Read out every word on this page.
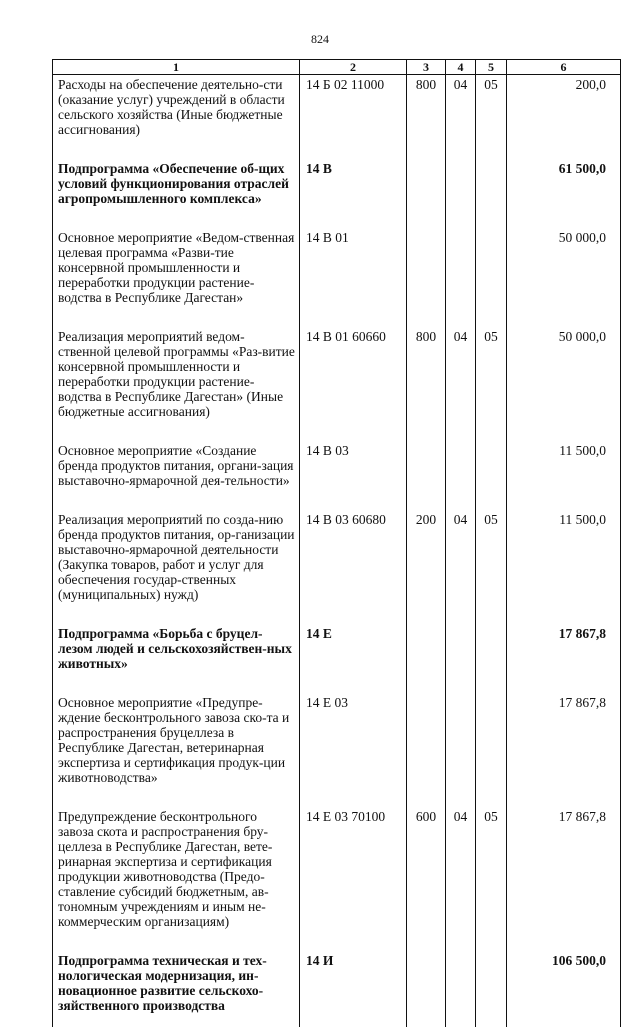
824
1	2	3	4	5	6
Расходы на обеспечение деятельно-сти (оказание услуг) учреждений в области сельского хозяйства (Иные бюджетные ассигнования)	14 Б 02 11000	800	04	05	200,0

Подпрограмма «Обеспечение об-щих условий функционирования отраслей агропромышленного комплекса»	14 В				61 500,0

Основное мероприятие «Ведом-ственная целевая программа «Разви-тие консервной промышленности и переработки продукции растение-водства в Республике Дагестан»	14 В 01				50 000,0

Реализация мероприятий ведом-ственной целевой программы «Раз-витие консервной промышленности и переработки продукции растение-водства в Республике Дагестан» (Иные бюджетные ассигнования)	14 В 01 60660	800	04	05	50 000,0

Основное мероприятие «Создание бренда продуктов питания, органи-зация выставочно-ярмарочной дея-тельности»	14 В 03				11 500,0

Реализация мероприятий по созда-нию бренда продуктов питания, ор-ганизации выставочно-ярмарочной деятельности (Закупка товаров, работ и услуг для обеспечения государ-ственных (муниципальных) нужд)	14 В 03 60680	200	04	05	11 500,0

Подпрограмма «Борьба с бруцел-лезом людей и сельскохозяйствен-ных животных»	14 Е				17 867,8

Основное мероприятие «Предупре-ждение бесконтрольного завоза ско-та и распространения бруцеллеза в Республике Дагестан, ветеринарная экспертиза и сертификация продук-ции животноводства»	14 Е 03				17 867,8

Предупреждение бесконтрольного завоза скота и распространения бру-целлеза в Республике Дагестан, вете-ринарная экспертиза и сертификация продукции животноводства (Предо-ставление субсидий бюджетным, ав-тономным учреждениям и иным не-коммерческим организациям)	14 Е 03 70100	600	04	05	17 867,8

Подпрограмма техническая и тех-нологическая модернизация, ин-новационное развитие сельскохо-зяйственного производства	14 И				106 500,0
